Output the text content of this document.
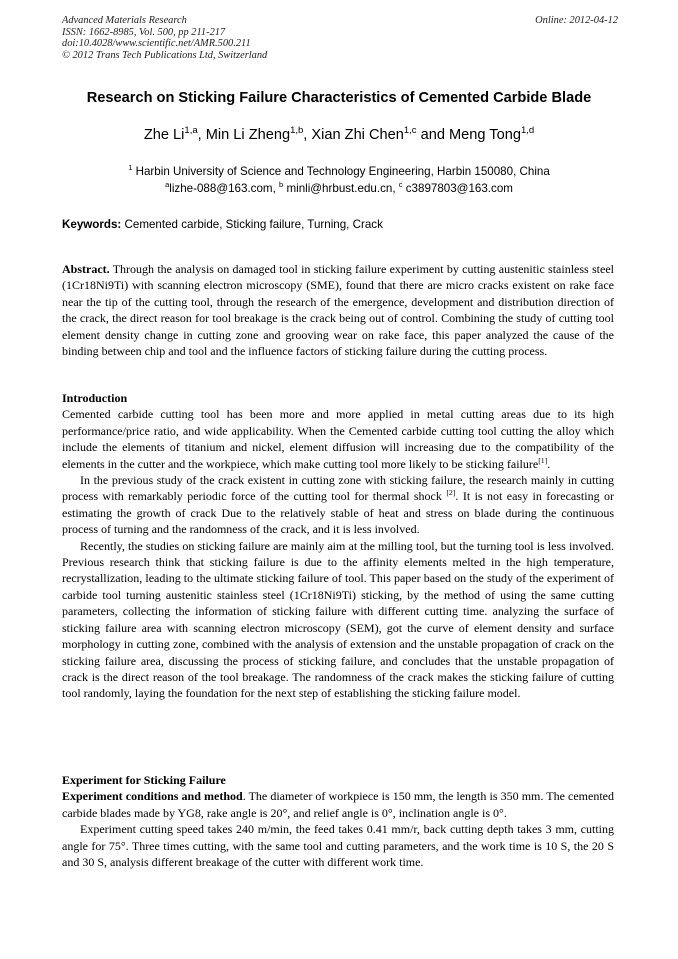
Advanced Materials Research
ISSN: 1662-8985, Vol. 500, pp 211-217
doi:10.4028/www.scientific.net/AMR.500.211
© 2012 Trans Tech Publications Ltd, Switzerland
Online: 2012-04-12
Research on Sticking Failure Characteristics of Cemented Carbide Blade
Zhe Li$^{1,a}$, Min Li Zheng$^{1,b}$, Xian Zhi Chen$^{1,c}$ and Meng Tong$^{1,d}$
$^1$ Harbin University of Science and Technology Engineering, Harbin 150080, China
$^a$lizhe-088@163.com, $^b$ minli@hrbust.edu.cn, $^c$ c3897803@163.com
Keywords: Cemented carbide, Sticking failure, Turning, Crack

Abstract. Through the analysis on damaged tool in sticking failure experiment by cutting austenitic stainless steel (1Cr18Ni9Ti) with scanning electron microscopy (SME), found that there are micro cracks existent on rake face near the tip of the cutting tool, through the research of the emergence, development and distribution direction of the crack, the direct reason for tool breakage is the crack being out of control. Combining the study of cutting tool element density change in cutting zone and grooving wear on rake face, this paper analyzed the cause of the binding between chip and tool and the influence factors of sticking failure during the cutting process.

Introduction

Cemented carbide cutting tool has been more and more applied in metal cutting areas due to its high performance/price ratio, and wide applicability. When the Cemented carbide cutting tool cutting the alloy which include the elements of titanium and nickel, element diffusion will increasing due to the compatibility of the elements in the cutter and the workpiece, which make cutting tool more likely to be sticking failure[1].

In the previous study of the crack existent in cutting zone with sticking failure, the research mainly in cutting process with remarkably periodic force of the cutting tool for thermal shock [2]. It is not easy in forecasting or estimating the growth of crack Due to the relatively stable of heat and stress on blade during the continuous process of turning and the randomness of the crack, and it is less involved.

Recently, the studies on sticking failure are mainly aim at the milling tool, but the turning tool is less involved. Previous research think that sticking failure is due to the affinity elements melted in the high temperature, recrystallization, leading to the ultimate sticking failure of tool. This paper based on the study of the experiment of carbide tool turning austenitic stainless steel (1Cr18Ni9Ti) sticking, by the method of using the same cutting parameters, collecting the information of sticking failure with different cutting time. analyzing the surface of sticking failure area with scanning electron microscopy (SEM), got the curve of element density and surface morphology in cutting zone, combined with the analysis of extension and the unstable propagation of crack on the sticking failure area, discussing the process of sticking failure, and concludes that the unstable propagation of crack is the direct reason of the tool breakage. The randomness of the crack makes the sticking failure of cutting tool randomly, laying the foundation for the next step of establishing the sticking failure model.

Experiment for Sticking Failure

Experiment conditions and method. The diameter of workpiece is 150 mm, the length is 350 mm. The cemented carbide blades made by YG8, rake angle is 20°, and relief angle is 0°, inclination angle is 0°.

Experiment cutting speed takes 240 m/min, the feed takes 0.41 mm/r, back cutting depth takes 3 mm, cutting angle for 75°. Three times cutting, with the same tool and cutting parameters, and the work time is 10 S, the 20 S and 30 S, analysis different breakage of the cutter with different work time.
